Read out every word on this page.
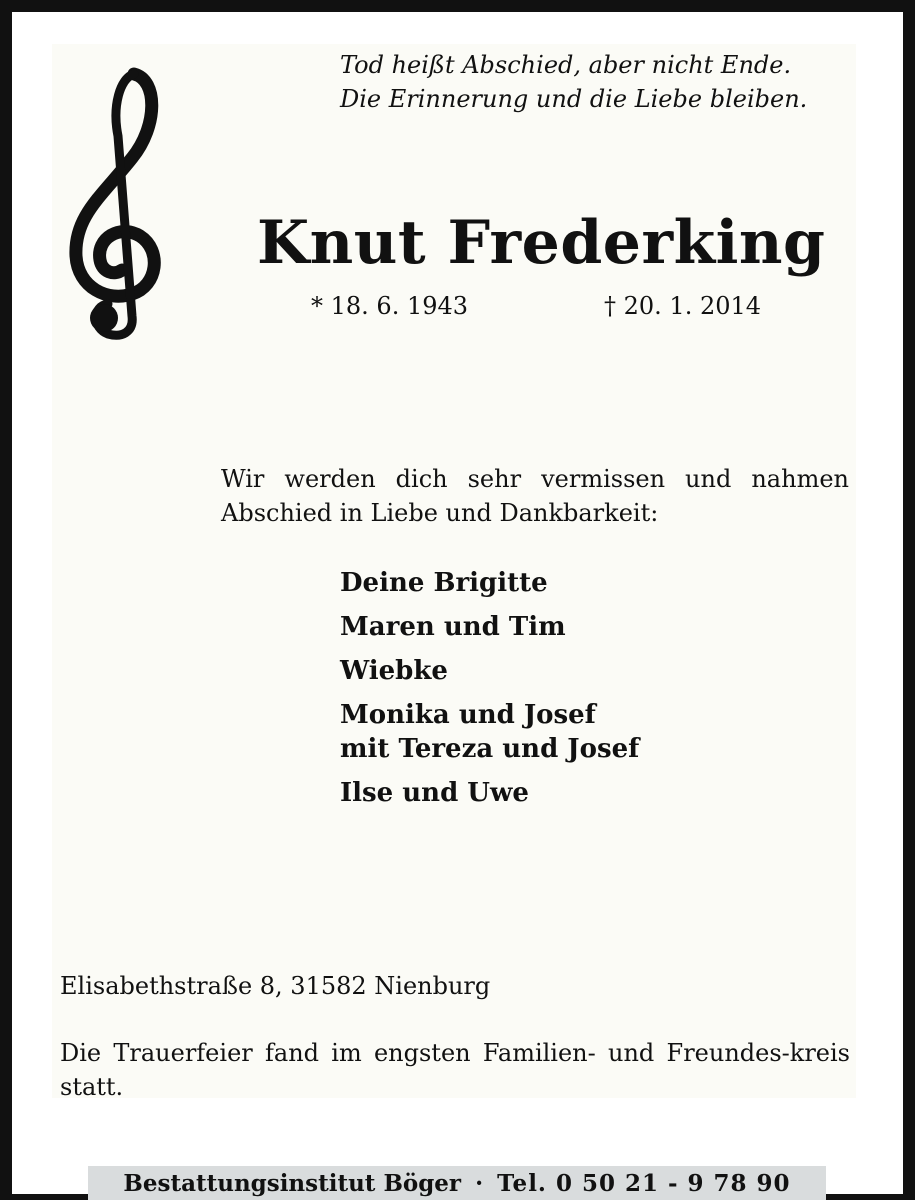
Tod heißt Abschied, aber nicht Ende.
Die Erinnerung und die Liebe bleiben.
Knut Frederking
* 18. 6. 1943	† 20. 1. 2014
Wir werden dich sehr vermissen und nahmen Abschied in Liebe und Dankbarkeit:
Deine Brigitte
Maren und Tim
Wiebke
Monika und Josef
mit Tereza und Josef
Ilse und Uwe
Elisabethstraße 8, 31582 Nienburg
Die Trauerfeier fand im engsten Familien- und Freundes-kreis statt.
Bestattungsinstitut Böger · Tel. 0 50 21 - 9 78 90
